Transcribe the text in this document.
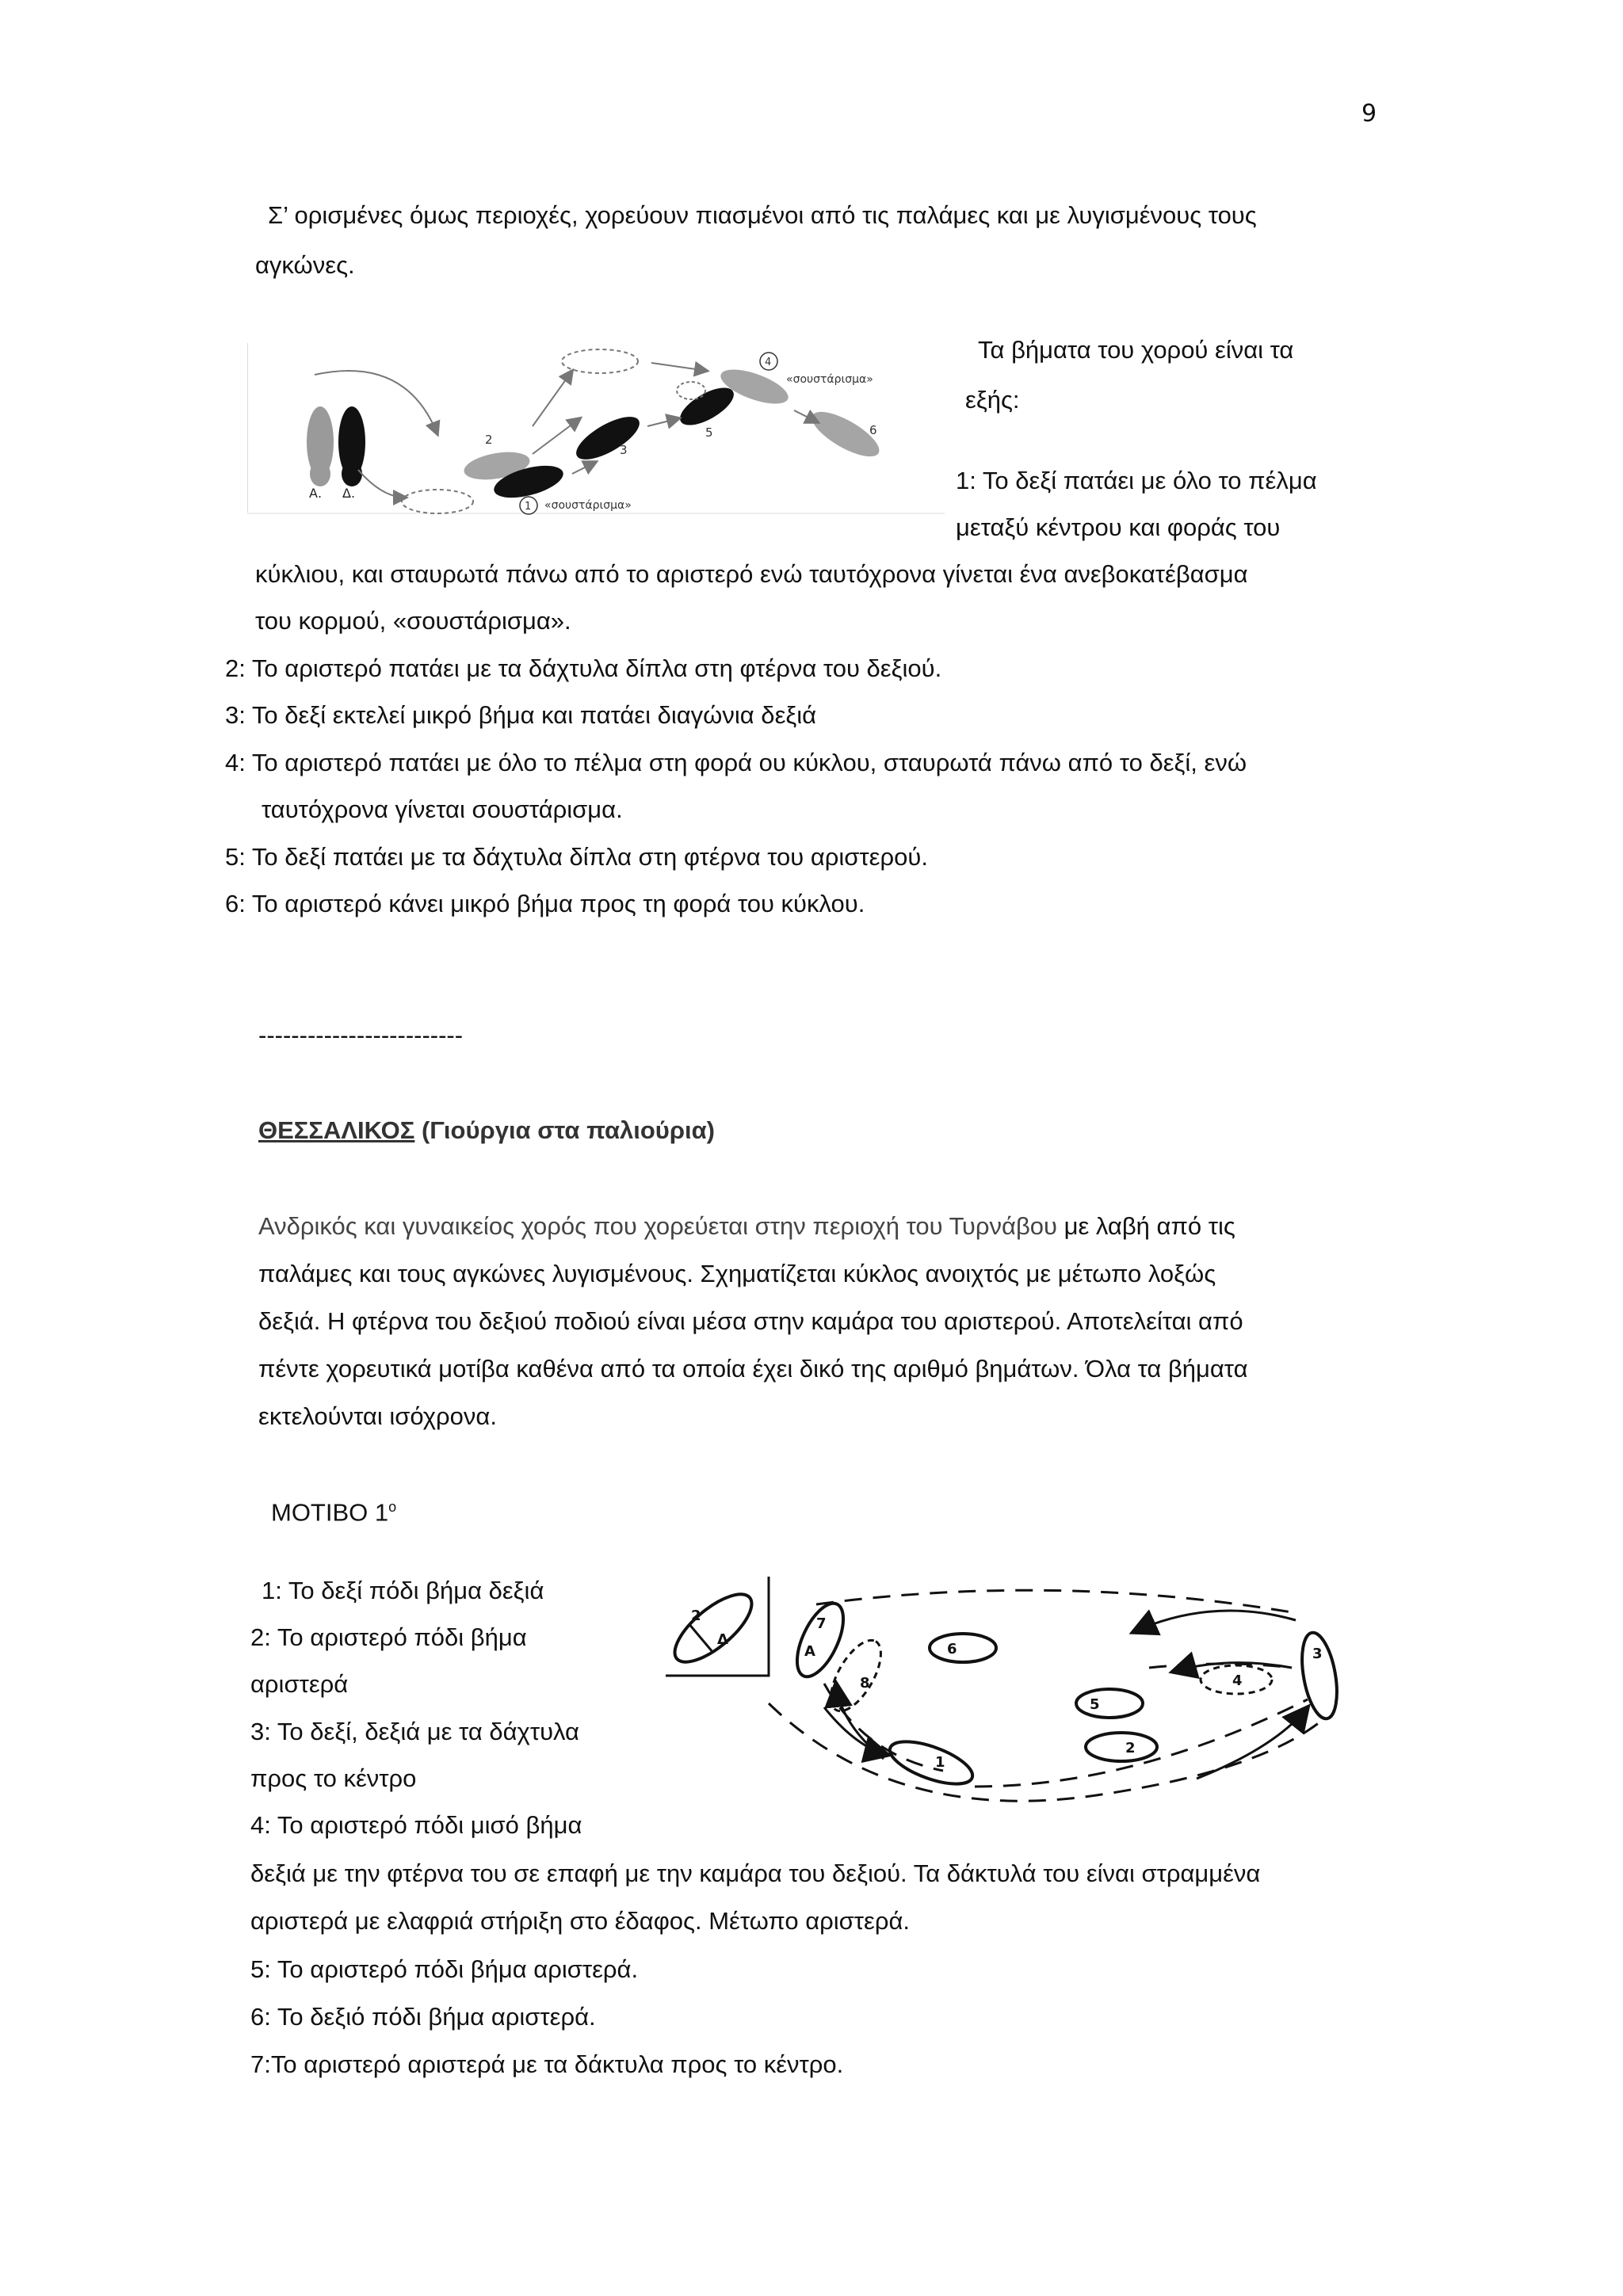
9
Σ’ ορισμένες όμως περιοχές, χορεύουν πιασμένοι από τις παλάμες και με λυγισμένους τους
αγκώνες.
Α. Δ.
2
1 «σουστάρισμα»
3
5
4
«σουστάρισμα»
6
Τα βήματα του χορού είναι τα
εξής:
1: Το δεξί πατάει με όλο το πέλμα
μεταξύ κέντρου και φοράς του
κύκλιου, και σταυρωτά πάνω από το αριστερό ενώ ταυτόχρονα γίνεται ένα ανεβοκατέβασμα
του κορμού, «σουστάρισμα».
2: Το αριστερό πατάει με τα δάχτυλα δίπλα στη φτέρνα του δεξιού.
3: Το δεξί εκτελεί μικρό βήμα και πατάει διαγώνια δεξιά
4: Το αριστερό πατάει με όλο το πέλμα στη φορά ου κύκλου, σταυρωτά πάνω από το δεξί, ενώ
ταυτόχρονα γίνεται σουστάρισμα.
5: Το δεξί πατάει με τα δάχτυλα δίπλα στη φτέρνα του αριστερού.
6: Το αριστερό κάνει μικρό βήμα προς τη φορά του κύκλου.
-------------------------
ΘΕΣΣΑΛΙΚΟΣ (Γιούργια στα παλιούρια)
Ανδρικός και γυναικείος χορός που χορεύεται στην περιοχή του Τυρνάβου με λαβή από τις
παλάμες και τους αγκώνες λυγισμένους. Σχηματίζεται κύκλος ανοιχτός με μέτωπο λοξώς
δεξιά. Η φτέρνα του δεξιού ποδιού είναι μέσα στην καμάρα του αριστερού. Αποτελείται από
πέντε χορευτικά μοτίβα καθένα από τα οποία έχει δικό της αριθμό βημάτων. Όλα τα βήματα
εκτελούνται ισόχρονα.
ΜΟΤΙΒΟ $1^o$
1: Το δεξί πόδι βήμα δεξιά
2: Το αριστερό πόδι βήμα
αριστερά
3: Το δεξί, δεξιά με τα δάχτυλα
προς το κέντρο
4: Το αριστερό πόδι μισό βήμα
δεξιά με την φτέρνα του σε επαφή με την καμάρα του δεξιού. Τα δάκτυλά του είναι στραμμένα
αριστερά με ελαφριά στήριξη στο έδαφος. Μέτωπο αριστερά.
5: Το αριστερό πόδι βήμα αριστερά.
6: Το δεξιό πόδι βήμα αριστερά.
7:Το αριστερό αριστερά με τα δάκτυλα προς το κέντρο.
2
Δ
7
Α
8
6
1
5
2
4
3
